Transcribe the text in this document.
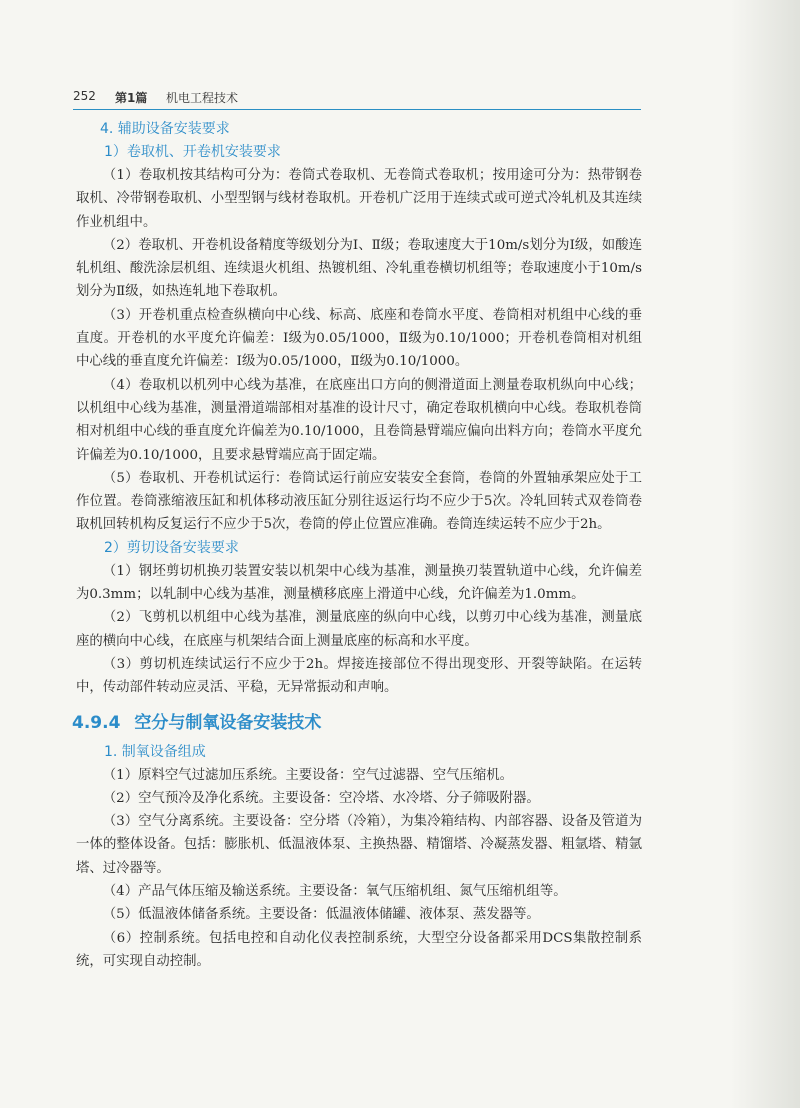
252 第1篇 机电工程技术
4. 辅助设备安装要求
1）卷取机、开卷机安装要求

（1）卷取机按其结构可分为：卷筒式卷取机、无卷筒式卷取机；按用途可分为：热带钢卷取机、冷带钢卷取机、小型型钢与线材卷取机。开卷机广泛用于连续式或可逆式冷轧机及其连续作业机组中。

（2）卷取机、开卷机设备精度等级划分为Ⅰ、Ⅱ级；卷取速度大于10m/s划分为Ⅰ级，如酸连轧机组、酸洗涂层机组、连续退火机组、热镀机组、冷轧重卷横切机组等；卷取速度小于10m/s划分为Ⅱ级，如热连轧地下卷取机。

（3）开卷机重点检查纵横向中心线、标高、底座和卷筒水平度、卷筒相对机组中心线的垂直度。开卷机的水平度允许偏差：Ⅰ级为0.05/1000，Ⅱ级为0.10/1000；开卷机卷筒相对机组中心线的垂直度允许偏差：Ⅰ级为0.05/1000，Ⅱ级为0.10/1000。

（4）卷取机以机列中心线为基准，在底座出口方向的侧滑道面上测量卷取机纵向中心线；以机组中心线为基准，测量滑道端部相对基准的设计尺寸，确定卷取机横向中心线。卷取机卷筒相对机组中心线的垂直度允许偏差为0.10/1000，且卷筒悬臂端应偏向出料方向；卷筒水平度允许偏差为0.10/1000，且要求悬臂端应高于固定端。

（5）卷取机、开卷机试运行：卷筒试运行前应安装安全套筒，卷筒的外置轴承架应处于工作位置。卷筒涨缩液压缸和机体移动液压缸分别往返运行均不应少于5次。冷轧回转式双卷筒卷取机回转机构反复运行不应少于5次，卷筒的停止位置应准确。卷筒连续运转不应少于2h。

2）剪切设备安装要求

（1）钢坯剪切机换刃装置安装以机架中心线为基准，测量换刃装置轨道中心线，允许偏差为0.3mm；以轧制中心线为基准，测量横移底座上滑道中心线，允许偏差为1.0mm。

（2）飞剪机以机组中心线为基准，测量底座的纵向中心线，以剪刃中心线为基准，测量底座的横向中心线，在底座与机架结合面上测量底座的标高和水平度。

（3）剪切机连续试运行不应少于2h。焊接连接部位不得出现变形、开裂等缺陷。在运转中，传动部件转动应灵活、平稳，无异常振动和声响。

4.9.4 空分与制氧设备安装技术
1. 制氧设备组成

（1）原料空气过滤加压系统。主要设备：空气过滤器、空气压缩机。

（2）空气预冷及净化系统。主要设备：空冷塔、水冷塔、分子筛吸附器。

（3）空气分离系统。主要设备：空分塔（冷箱），为集冷箱结构、内部容器、设备及管道为一体的整体设备。包括：膨胀机、低温液体泵、主换热器、精馏塔、冷凝蒸发器、粗氩塔、精氩塔、过冷器等。

（4）产品气体压缩及输送系统。主要设备：氧气压缩机组、氮气压缩机组等。

（5）低温液体储备系统。主要设备：低温液体储罐、液体泵、蒸发器等。

（6）控制系统。包括电控和自动化仪表控制系统，大型空分设备都采用DCS集散控制系统，可实现自动控制。
